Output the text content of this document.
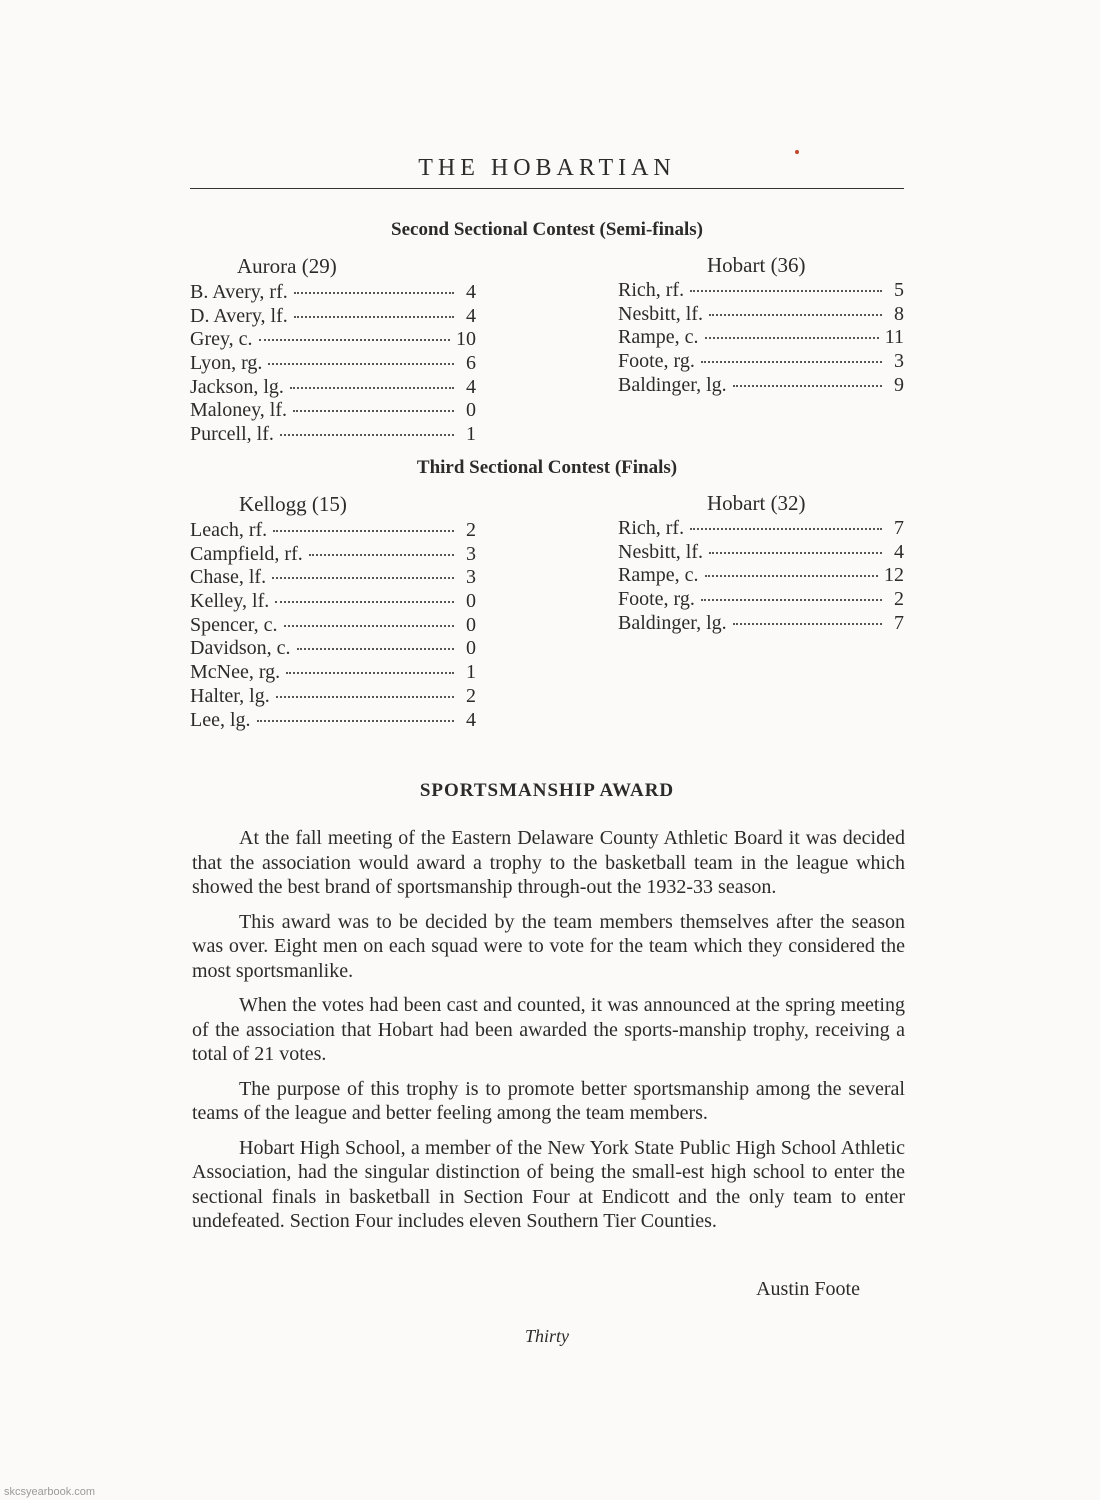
THE HOBARTIAN
Second Sectional Contest (Semi-finals)
Aurora (29)
B. Avery, rf.	4
D. Avery, lf.	4
Grey, c.	10
Lyon, rg.	6
Jackson, lg.	4
Maloney, lf.	0
Purcell, lf.	1
Hobart (36)
Rich, rf.	5
Nesbitt, lf.	8
Rampe, c.	11
Foote, rg.	3
Baldinger, lg.	9
Third Sectional Contest (Finals)
Kellogg (15)
Leach, rf.	2
Campfield, rf.	3
Chase, lf.	3
Kelley, lf.	0
Spencer, c.	0
Davidson, c.	0
McNee, rg.	1
Halter, lg.	2
Lee, lg.	4
Hobart (32)
Rich, rf.	7
Nesbitt, lf.	4
Rampe, c.	12
Foote, rg.	2
Baldinger, lg.	7
SPORTSMANSHIP AWARD

At the fall meeting of the Eastern Delaware County Athletic Board it was decided that the association would award a trophy to the basketball team in the league which showed the best brand of sportsmanship through-out the 1932-33 season.

This award was to be decided by the team members themselves after the season was over. Eight men on each squad were to vote for the team which they considered the most sportsmanlike.

When the votes had been cast and counted, it was announced at the spring meeting of the association that Hobart had been awarded the sports-manship trophy, receiving a total of 21 votes.

The purpose of this trophy is to promote better sportsmanship among the several teams of the league and better feeling among the team members.

Hobart High School, a member of the New York State Public High School Athletic Association, had the singular distinction of being the small-est high school to enter the sectional finals in basketball in Section Four at Endicott and the only team to enter undefeated. Section Four includes eleven Southern Tier Counties.

Austin Foote
Thirty
skcsyearbook.com
